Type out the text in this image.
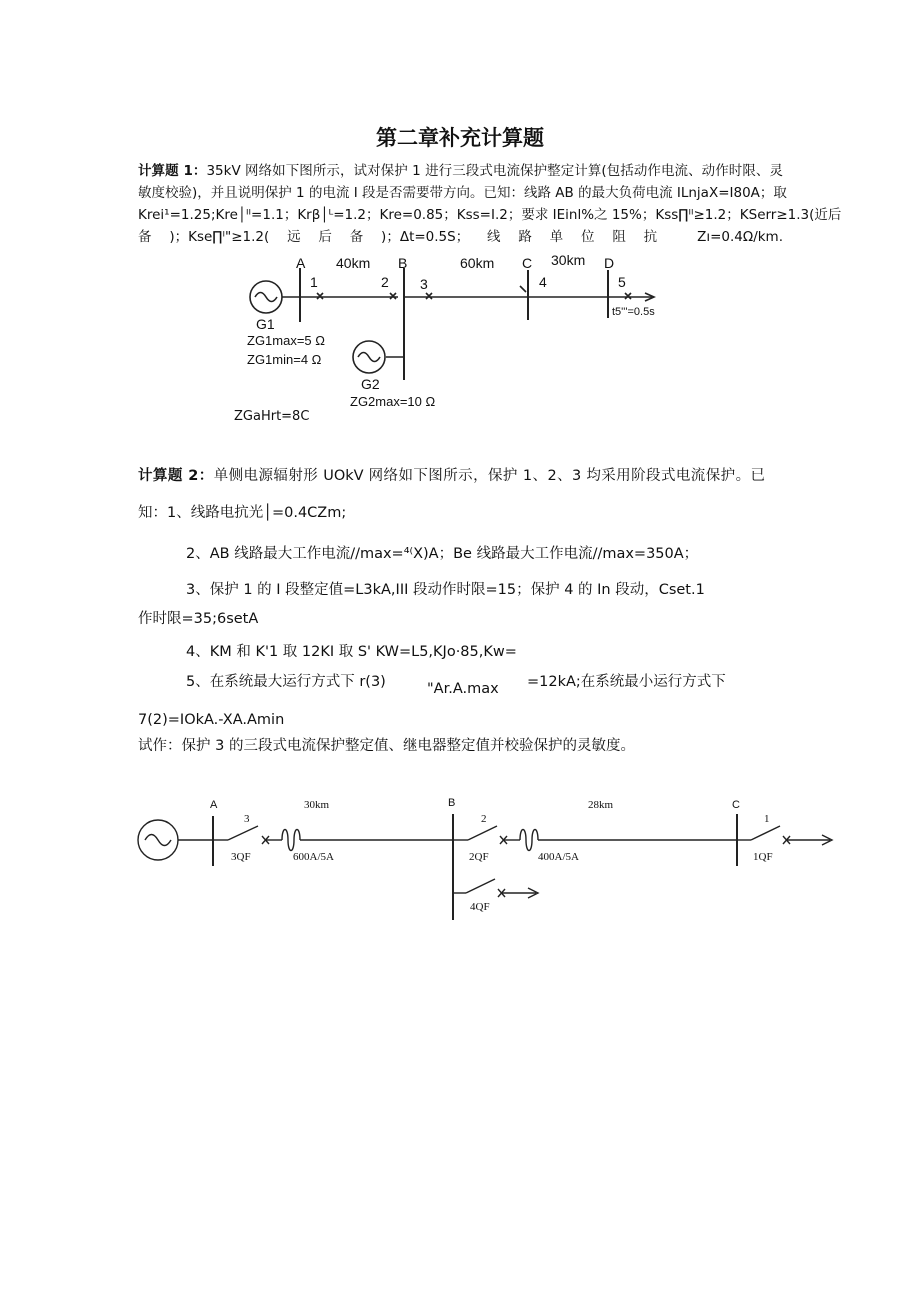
第二章补充计算题
计算题 1：35kV 网络如下图所示，试对保护 1 进行三段式电流保护整定计算(包括动作电流、动作时限、灵
敏度校验)，并且说明保护 1 的电流 I 段是否需要带方向。已知：线路 AB 的最大负荷电流 ILnjaX=I80A；取
Krei¹=1.25;Kre│ᴵᴵ=1.1；Krβ│ᴸ=1.2；Kre=0.85；Kss=I.2；要求 IEinl%之 15%；Kss∏ᴵᴵ≥1.2；KSerr≥1.3(近后
备)；Kse∏ᴵ"≥1.2(远后备)；Δt=0.5S；线路单位阻抗 Zı=0.4Ω/km.
A	B	C	D
40km	60km	30km
1	2 3	4	5
G1
G2
ZG1max=5 Ω
ZG1min=4 Ω
ZG2max=10 Ω
t5'''=0.5s
ZGaHrt=8C
计算题 2：单侧电源辐射形 UOkV 网络如下图所示，保护 1、2、3 均采用阶段式电流保护。已
知：1、线路电抗光│=0.4CZm;
2、AB 线路最大工作电流//max=⁴⁽X)A；Be 线路最大工作电流//max=350A；
3、保护 1 的 I 段整定值=L3kA,III 段动作时限=15；保护 4 的 In 段动，Cset.1
作时限=35;6setA
4、KM 和 K'1 取 12KI 取 S' KW=L5,KJo·85,Kw=
5、在系统最大运行方式下 r(3)	"Ar.A.max =12kA;在系统最小运行方式下
7(2)=IOkA.-XA.Amin
试作：保护 3 的三段式电流保护整定值、继电器整定值并校验保护的灵敏度。
A	B	C
30km	28km
3	2	1
3QF	2QF	1QF
4QF
600A/5A	400A/5A
